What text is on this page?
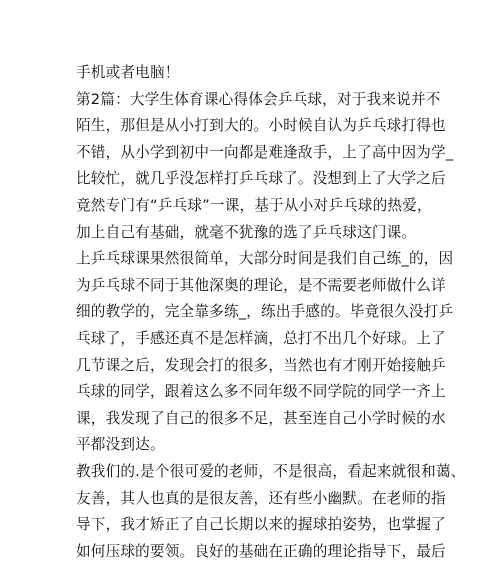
手机或者电脑！
第2篇：大学生体育课心得体会乒乓球，对于我来说并不
陌生，那但是从小打到大的。小时候自认为乒乓球打得也
不错，从小学到初中一向都是难逢敌手，上了高中因为学_
比较忙，就几乎没怎样打乒乓球了。没想到上了大学之后
竟然专门有“乒乓球”一课，基于从小对乒乓球的热爱，
加上自己有基础，就毫不犹豫的选了乒乓球这门课。
上乒乓球课果然很简单，大部分时间是我们自己练_的，因
为乒乓球不同于其他深奥的理论，是不需要老师做什么详
细的教学的，完全靠多练_，练出手感的。毕竟很久没打乒
乓球了，手感还真不是怎样滴，总打不出几个好球。上了
几节课之后，发现会打的很多，当然也有才刚开始接触乒
乓球的同学，跟着这么多不同年级不同学院的同学一齐上
课，我发现了自己的很多不足，甚至连自己小学时候的水
平都没到达。
教我们的.是个很可爱的老师，不是很高，看起来就很和蔼、
友善，其人也真的是很友善，还有些小幽默。在老师的指
导下，我才矫正了自己长期以来的握球拍姿势，也掌握了
如何压球的要领。良好的基础在正确的理论指导下，最后
